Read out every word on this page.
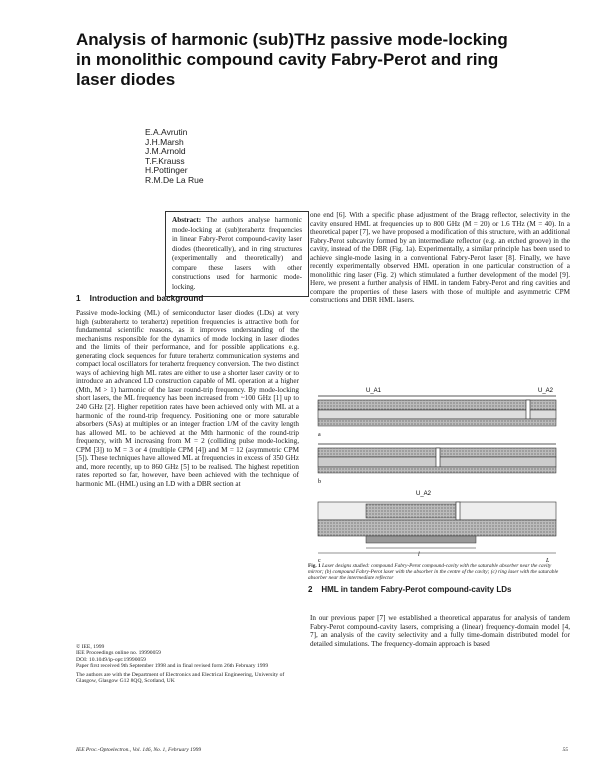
Analysis of harmonic (sub)THz passive mode-locking
in monolithic compound cavity Fabry-Perot and ring
laser diodes
E.A.Avrutin
J.H.Marsh
J.M.Arnold
T.F.Krauss
H.Pottinger
R.M.De La Rue
Abstract: The authors analyse harmonic mode-locking at (sub)terahertz frequencies in linear Fabry-Perot compound-cavity laser diodes (theoretically), and in ring structures (experimentally and theoretically) and compare these lasers with other constructions used for harmonic mode-locking.
1 Introduction and background
Passive mode-locking (ML) of semiconductor laser diodes (LDs) at very high (subterahertz to terahertz) repetition frequencies is attractive both for fundamental scientific reasons, as it improves understanding of the mechanisms responsible for the dynamics of mode locking in laser diodes and the limits of their performance, and for possible applications e.g. generating clock sequences for future terahertz communication systems and compact local oscillators for terahertz frequency conversion. The two distinct ways of achieving high ML rates are either to use a shorter laser cavity or to introduce an advanced LD construction capable of ML operation at a higher (Mth, M > 1) harmonic of the laser round-trip frequency. By mode-locking short lasers, the ML frequency has been increased from ~100 GHz [1] up to 240 GHz [2]. Higher repetition rates have been achieved only with ML at a harmonic of the round-trip frequency. Positioning one or more saturable absorbers (SAs) at multiples or an integer fraction 1/M of the cavity length has allowed ML to be achieved at the Mth harmonic of the round-trip frequency, with M increasing from M = 2 (colliding pulse mode-locking, CPM [3]) to M = 3 or 4 (multiple CPM [4]) and M = 12 (asymmetric CPM [5]). These techniques have allowed ML at frequencies in excess of 350 GHz and, more recently, up to 860 GHz [5] to be realised. The highest repetition rates reported so far, however, have been achieved with the technique of harmonic ML (HML) using an LD with a DBR section at
© IEE, 1999
IEE Proceedings online no. 19990059
DOI: 10.1049/ip-opt:19990059
Paper first received 9th September 1998 and in final revised form 26th February 1999
The authors are with the Department of Electronics and Electrical Engineering, University of Glasgow, Glasgow G12 8QQ, Scotland, UK
one end [6]. With a specific phase adjustment of the Bragg reflector, selectivity in the cavity ensured HML at frequencies up to 800 GHz (M = 20) or 1.6 THz (M = 40). In a theoretical paper [7], we have proposed a modification of this structure, with an additional Fabry-Perot subcavity formed by an intermediate reflector (e.g. an etched groove) in the cavity, instead of the DBR (Fig. 1a). Experimentally, a similar principle has been used to achieve single-mode lasing in a conventional Fabry-Perot laser [8]. Finally, we have recently experimentally observed HML operation in one particular construction of a monolithic ring laser (Fig. 2) which stimulated a further development of the model [9]. Here, we present a further analysis of HML in tandem Fabry-Perot and ring cavities and compare the properties of these lasers with those of multiple and asymmetric CPM constructions and DBR HML lasers.
U_A1	U_A2
a
b
U_A2
l
L
c
Fig. 1 Laser designs studied: compound Fabry-Perot compound-cavity with the saturable absorber near the cavity mirror; (b) compound Fabry-Perot laser with the absorber in the centre of the cavity; (c) ring laser with the saturable absorber near the intermediate reflector
2 HML in tandem Fabry-Perot compound-cavity LDs
In our previous paper [7] we established a theoretical apparatus for analysis of tandem Fabry-Perot compound-cavity lasers, comprising a (linear) frequency-domain model [4, 7], an analysis of the cavity selectivity and a fully time-domain distributed model for detailed simulations. The frequency-domain approach is based
IEE Proc.-Optoelectron., Vol. 146, No. 1, February 1999	55
